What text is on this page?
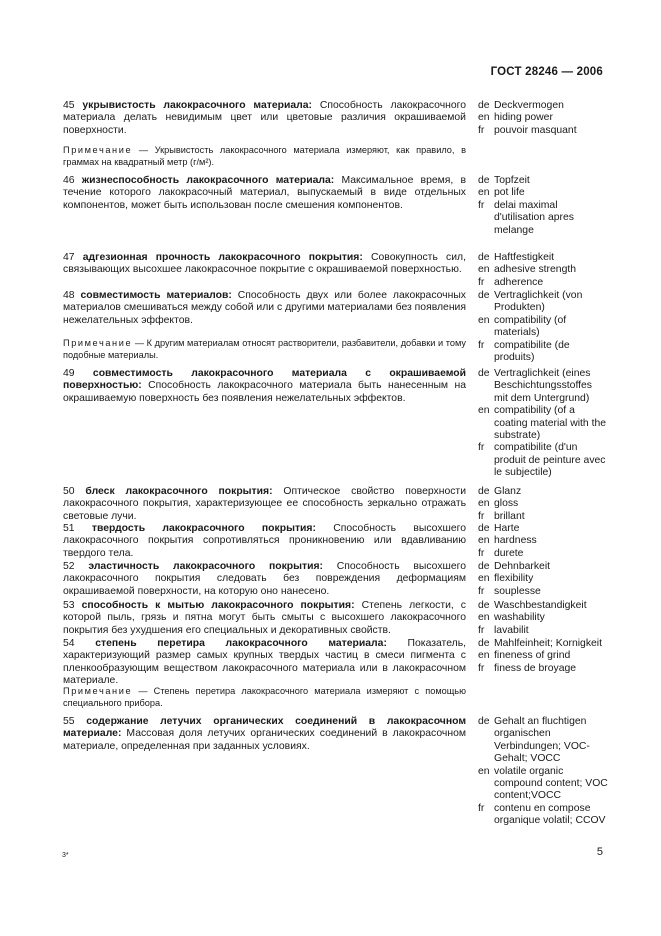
ГОСТ 28246 — 2006
45 укрывистость лакокрасочного материала: Способность лакокрасочного материала делать невидимым цвет или цветовые различия окрашиваемой поверхности.
Примечание — Укрывистость лакокрасочного материала измеряют, как правило, в граммах на квадратный метр (г/м²).
46 жизнеспособность лакокрасочного материала: Максимальное время, в течение которого лакокрасочный материал, выпускаемый в виде отдельных компонентов, может быть использован после смешения компонентов.
47 адгезионная прочность лакокрасочного покрытия: Совокупность сил, связывающих высохшее лакокрасочное покрытие с окрашиваемой поверхностью.
48 совместимость материалов: Способность двух или более лакокрасочных материалов смешиваться между собой или с другими материалами без появления нежелательных эффектов.
Примечание — К другим материалам относят растворители, разбавители, добавки и тому подобные материалы.
49 совместимость лакокрасочного материала с окрашиваемой поверхностью: Способность лакокрасочного материала быть нанесенным на окрашиваемую поверхность без появления нежелательных эффектов.
50 блеск лакокрасочного покрытия: Оптическое свойство поверхности лакокрасочного покрытия, характеризующее ее способность зеркально отражать световые лучи.
51 твердость лакокрасочного покрытия: Способность высохшего лакокрасочного покрытия сопротивляться проникновению или вдавливанию твердого тела.
52 эластичность лакокрасочного покрытия: Способность высохшего лакокрасочного покрытия следовать без повреждения деформациям окрашиваемой поверхности, на которую оно нанесено.
53 способность к мытью лакокрасочного покрытия: Степень легкости, с которой пыль, грязь и пятна могут быть смыты с высохшего лакокрасочного покрытия без ухудшения его специальных и декоративных свойств.
54 степень перетира лакокрасочного материала: Показатель, характеризующий размер самых крупных твердых частиц в смеси пигмента с пленкообразующим веществом лакокрасочного материала или в лакокрасочном материале.
Примечание — Степень перетира лакокрасочного материала измеряют с помощью специального прибора.
55 содержание летучих органических соединений в лакокрасочном материале: Массовая доля летучих органических соединений в лакокрасочном материале, определенная при заданных условиях.
de Deckvermogen
en hiding power
fr pouvoir masquant
de Topfzeit
en pot life
fr delai maximal d'utilisation apres melange
de Haftfestigkeit
en adhesive strength
fr adherence
de Vertraglichkeit (von Produkten)
en compatibility (of materials)
fr compatibilite (de produits)
de Vertraglichkeit (eines Beschichtungsstoffes mit dem Untergrund)
en compatibility (of a coating material with the substrate)
fr compatibilite (d'un produit de peinture avec le subjectile)
de Glanz
en gloss
fr brillant
de Harte
en hardness
fr durete
de Dehnbarkeit
en flexibility
fr souplesse
de Waschbestandigkeit
en washability
fr lavabilit
de Mahlfeinheit; Kornigkeit
en fineness of grind
fr finess de broyage
de Gehalt an fluchtigen organischen Verbindungen; VOC-Gehalt; VOCC
en volatile organic compound content; VOC content;VOCC
fr contenu en compose organique volatil; CCOV
3*	5
